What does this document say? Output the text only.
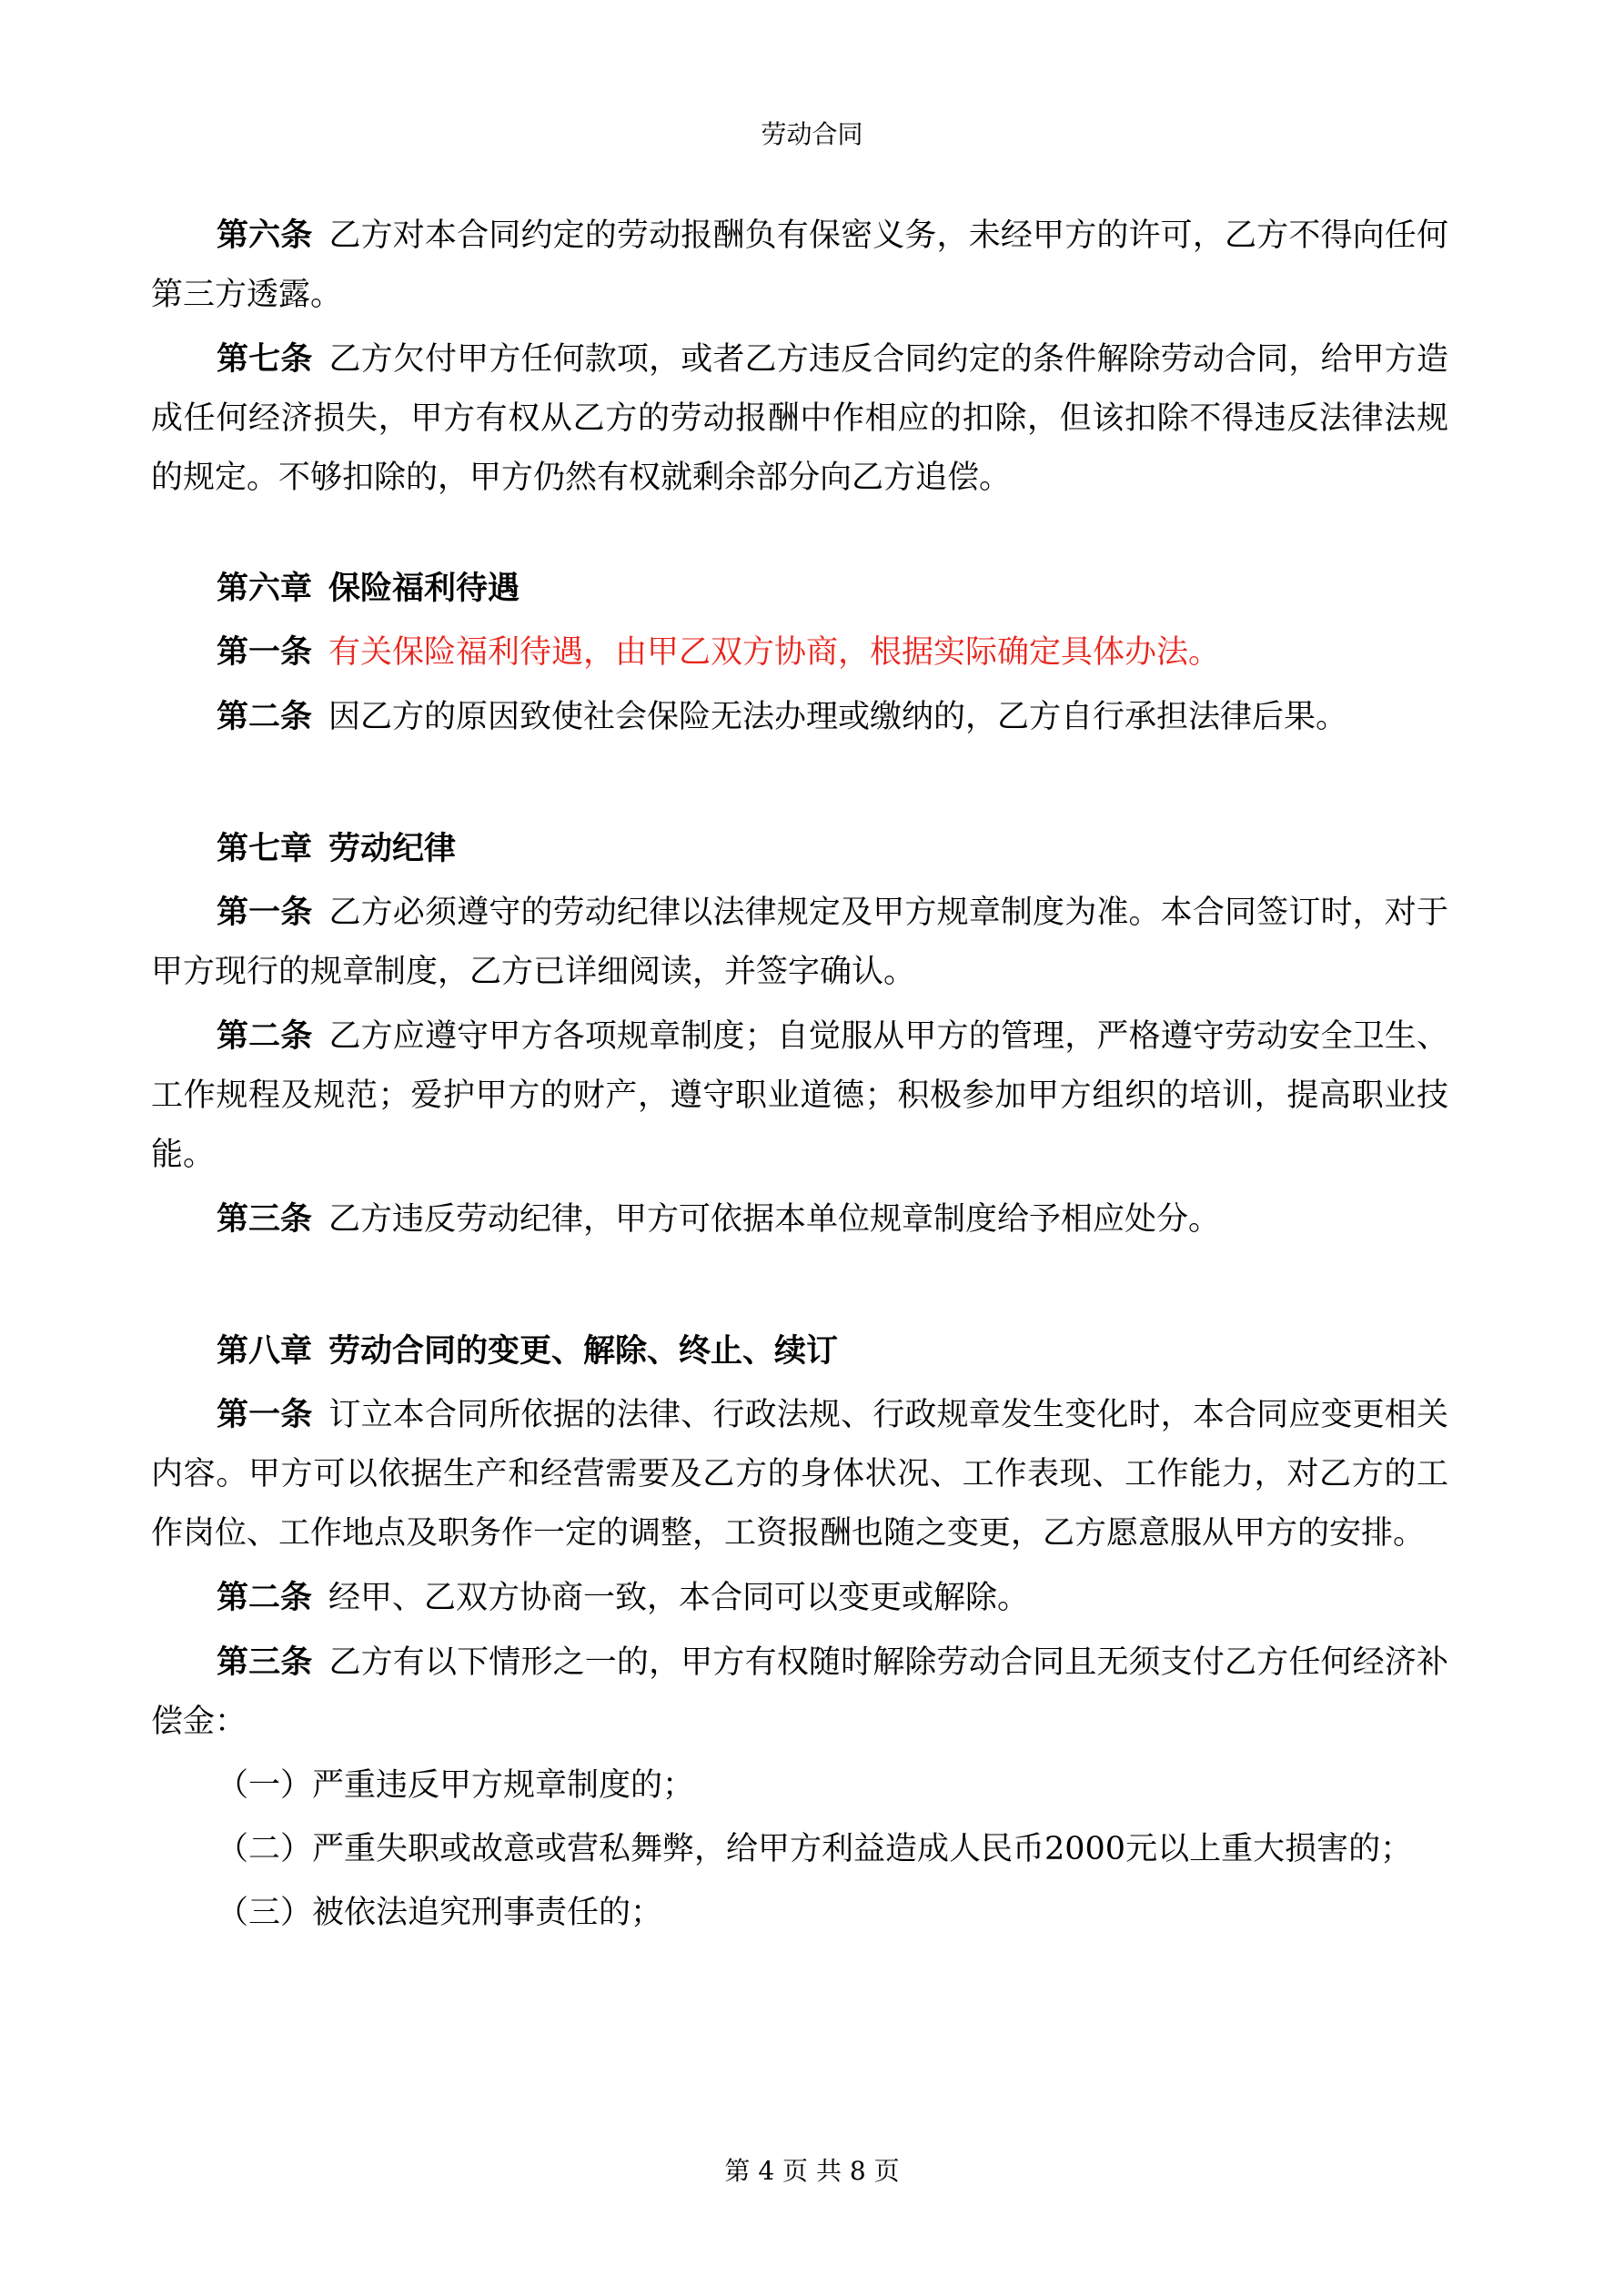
劳动合同

第六条 乙方对本合同约定的劳动报酬负有保密义务，未经甲方的许可，乙方不得向任何第三方透露。

第七条 乙方欠付甲方任何款项，或者乙方违反合同约定的条件解除劳动合同，给甲方造成任何经济损失，甲方有权从乙方的劳动报酬中作相应的扣除，但该扣除不得违反法律法规的规定。不够扣除的，甲方仍然有权就剩余部分向乙方追偿。

第六章 保险福利待遇

第一条 有关保险福利待遇，由甲乙双方协商，根据实际确定具体办法。

第二条 因乙方的原因致使社会保险无法办理或缴纳的，乙方自行承担法律后果。

第七章 劳动纪律

第一条 乙方必须遵守的劳动纪律以法律规定及甲方规章制度为准。本合同签订时，对于甲方现行的规章制度，乙方已详细阅读，并签字确认。

第二条 乙方应遵守甲方各项规章制度；自觉服从甲方的管理，严格遵守劳动安全卫生、工作规程及规范；爱护甲方的财产，遵守职业道德；积极参加甲方组织的培训，提高职业技能。

第三条 乙方违反劳动纪律，甲方可依据本单位规章制度给予相应处分。

第八章 劳动合同的变更、解除、终止、续订

第一条 订立本合同所依据的法律、行政法规、行政规章发生变化时，本合同应变更相关内容。甲方可以依据生产和经营需要及乙方的身体状况、工作表现、工作能力，对乙方的工作岗位、工作地点及职务作一定的调整，工资报酬也随之变更，乙方愿意服从甲方的安排。

第二条 经甲、乙双方协商一致，本合同可以变更或解除。

第三条 乙方有以下情形之一的，甲方有权随时解除劳动合同且无须支付乙方任何经济补偿金：

（一）严重违反甲方规章制度的；

（二）严重失职或故意或营私舞弊，给甲方利益造成人民币2000元以上重大损害的；

（三）被依法追究刑事责任的；

第 4 页 共 8 页
